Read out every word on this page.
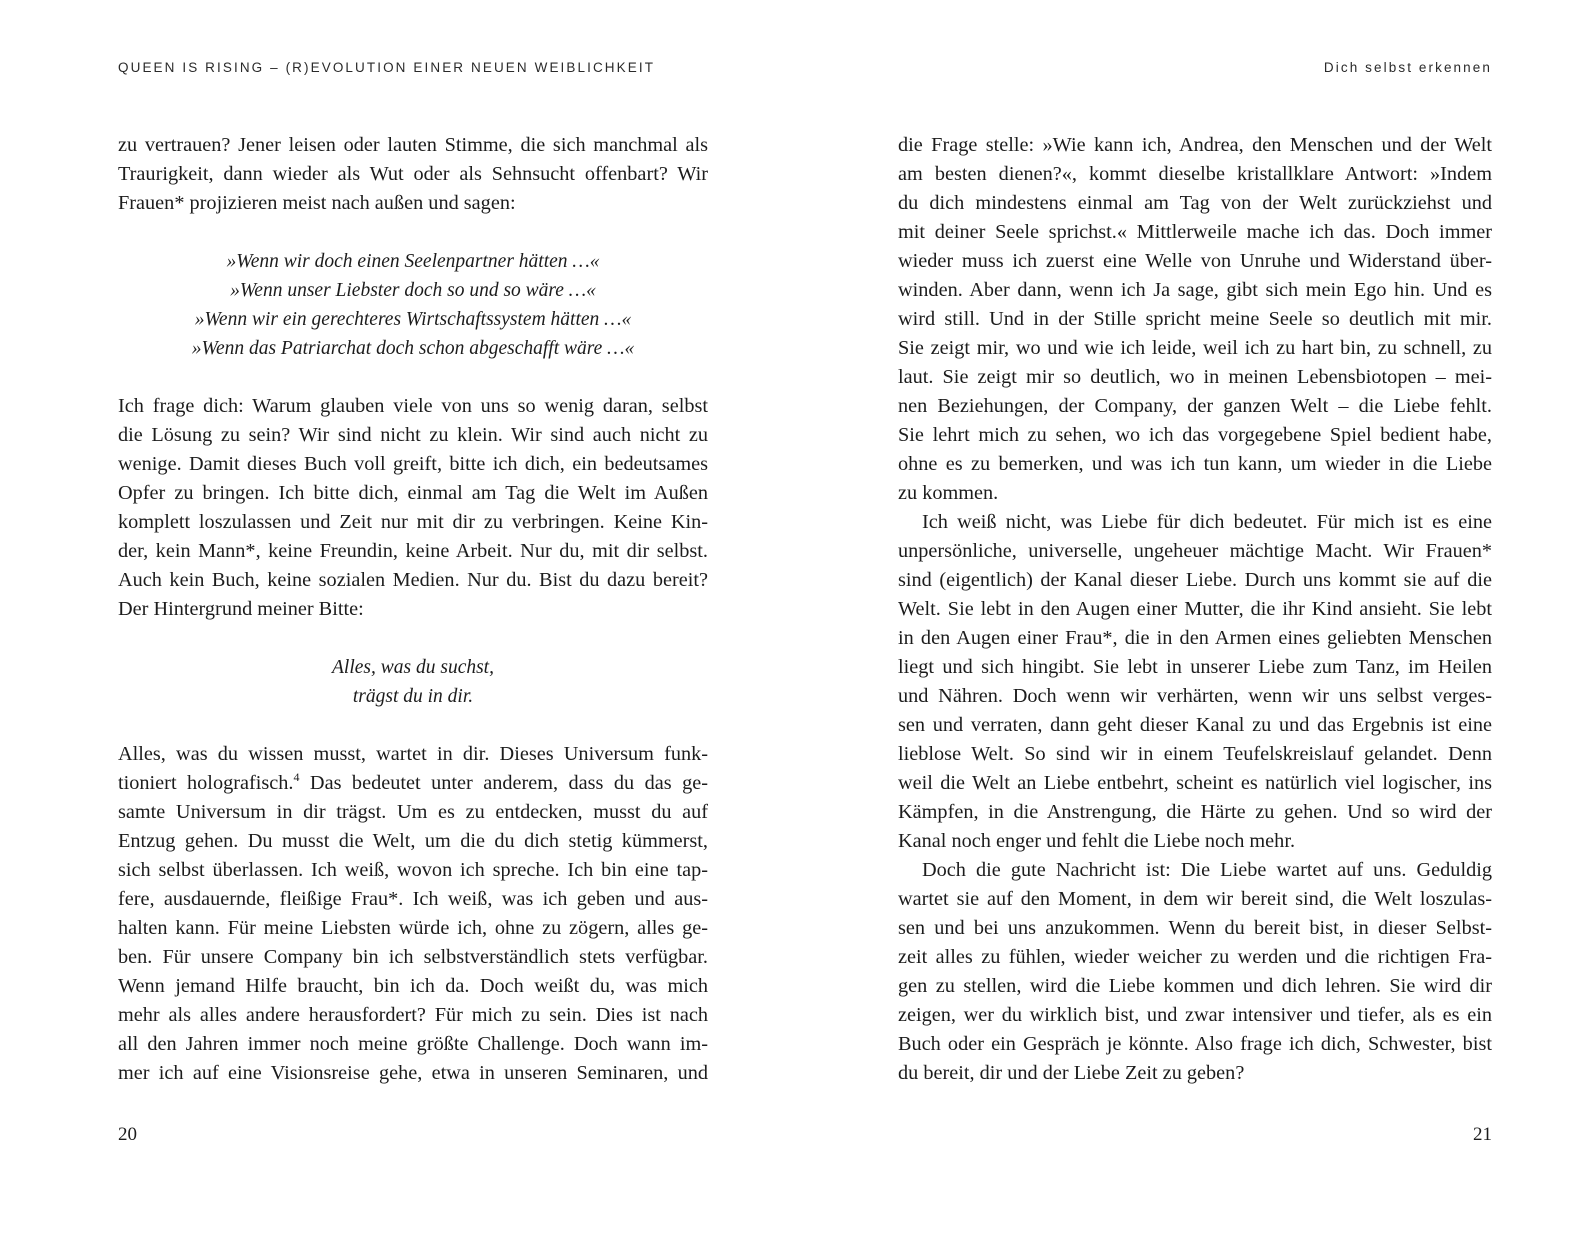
QUEEN IS RISING – (R)EVOLUTION EINER NEUEN WEIBLICHKEIT

zu vertrauen? Jener leisen oder lauten Stimme, die sich manchmal als
Traurigkeit, dann wieder als Wut oder als Sehnsucht offenbart? Wir
Frauen* projizieren meist nach außen und sagen:

»Wenn wir doch einen Seelenpartner hätten …«
»Wenn unser Liebster doch so und so wäre …«
»Wenn wir ein gerechteres Wirtschaftssystem hätten …«
»Wenn das Patriarchat doch schon abgeschafft wäre …«

Ich frage dich: Warum glauben viele von uns so wenig daran, selbst
die Lösung zu sein? Wir sind nicht zu klein. Wir sind auch nicht zu
wenige. Damit dieses Buch voll greift, bitte ich dich, ein bedeutsames
Opfer zu bringen. Ich bitte dich, einmal am Tag die Welt im Außen
komplett loszulassen und Zeit nur mit dir zu verbringen. Keine Kin-
der, kein Mann*, keine Freundin, keine Arbeit. Nur du, mit dir selbst.
Auch kein Buch, keine sozialen Medien. Nur du. Bist du dazu bereit?
Der Hintergrund meiner Bitte:

Alles, was du suchst,
trägst du in dir.

Alles, was du wissen musst, wartet in dir. Dieses Universum funk-
tioniert holografisch.$^4$ Das bedeutet unter anderem, dass du das ge-
samte Universum in dir trägst. Um es zu entdecken, musst du auf
Entzug gehen. Du musst die Welt, um die du dich stetig kümmerst,
sich selbst überlassen. Ich weiß, wovon ich spreche. Ich bin eine tap-
fere, ausdauernde, fleißige Frau*. Ich weiß, was ich geben und aus-
halten kann. Für meine Liebsten würde ich, ohne zu zögern, alles ge-
ben. Für unsere Company bin ich selbstverständlich stets verfügbar.
Wenn jemand Hilfe braucht, bin ich da. Doch weißt du, was mich
mehr als alles andere herausfordert? Für mich zu sein. Dies ist nach
all den Jahren immer noch meine größte Challenge. Doch wann im-
mer ich auf eine Visionsreise gehe, etwa in unseren Seminaren, und

20
Dich selbst erkennen

die Frage stelle: »Wie kann ich, Andrea, den Menschen und der Welt
am besten dienen?«, kommt dieselbe kristallklare Antwort: »Indem
du dich mindestens einmal am Tag von der Welt zurückziehst und
mit deiner Seele sprichst.« Mittlerweile mache ich das. Doch immer
wieder muss ich zuerst eine Welle von Unruhe und Widerstand über-
winden. Aber dann, wenn ich Ja sage, gibt sich mein Ego hin. Und es
wird still. Und in der Stille spricht meine Seele so deutlich mit mir.
Sie zeigt mir, wo und wie ich leide, weil ich zu hart bin, zu schnell, zu
laut. Sie zeigt mir so deutlich, wo in meinen Lebensbiotopen – mei-
nen Beziehungen, der Company, der ganzen Welt – die Liebe fehlt.
Sie lehrt mich zu sehen, wo ich das vorgegebene Spiel bedient habe,
ohne es zu bemerken, und was ich tun kann, um wieder in die Liebe
zu kommen.

Ich weiß nicht, was Liebe für dich bedeutet. Für mich ist es eine
unpersönliche, universelle, ungeheuer mächtige Macht. Wir Frauen*
sind (eigentlich) der Kanal dieser Liebe. Durch uns kommt sie auf die
Welt. Sie lebt in den Augen einer Mutter, die ihr Kind ansieht. Sie lebt
in den Augen einer Frau*, die in den Armen eines geliebten Menschen
liegt und sich hingibt. Sie lebt in unserer Liebe zum Tanz, im Heilen
und Nähren. Doch wenn wir verhärten, wenn wir uns selbst verges-
sen und verraten, dann geht dieser Kanal zu und das Ergebnis ist eine
lieblose Welt. So sind wir in einem Teufelskreislauf gelandet. Denn
weil die Welt an Liebe entbehrt, scheint es natürlich viel logischer, ins
Kämpfen, in die Anstrengung, die Härte zu gehen. Und so wird der
Kanal noch enger und fehlt die Liebe noch mehr.

Doch die gute Nachricht ist: Die Liebe wartet auf uns. Geduldig
wartet sie auf den Moment, in dem wir bereit sind, die Welt loszulas-
sen und bei uns anzukommen. Wenn du bereit bist, in dieser Selbst-
zeit alles zu fühlen, wieder weicher zu werden und die richtigen Fra-
gen zu stellen, wird die Liebe kommen und dich lehren. Sie wird dir
zeigen, wer du wirklich bist, und zwar intensiver und tiefer, als es ein
Buch oder ein Gespräch je könnte. Also frage ich dich, Schwester, bist
du bereit, dir und der Liebe Zeit zu geben?

21
